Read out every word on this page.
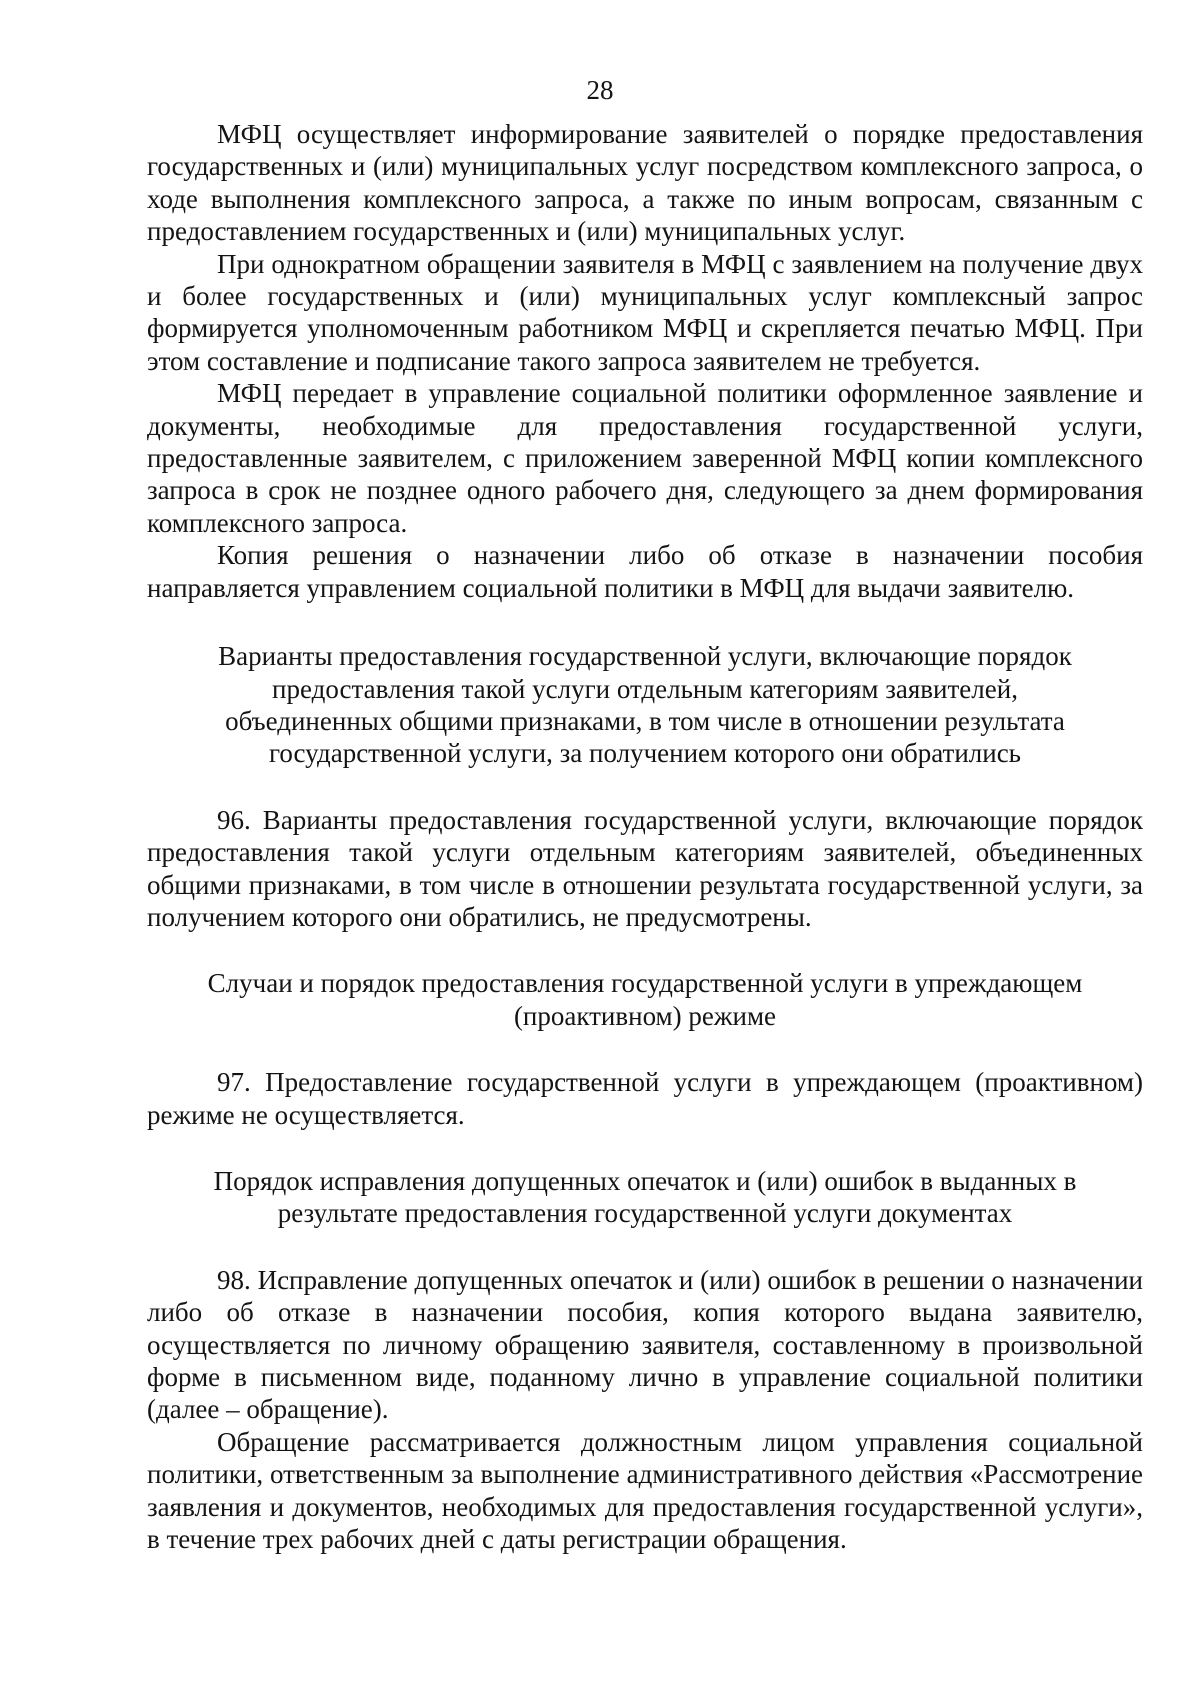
28

МФЦ осуществляет информирование заявителей о порядке предоставления государственных и (или) муниципальных услуг посредством комплексного запроса, о ходе выполнения комплексного запроса, а также по иным вопросам, связанным с предоставлением государственных и (или) муниципальных услуг.

При однократном обращении заявителя в МФЦ с заявлением на получение двух и более государственных и (или) муниципальных услуг комплексный запрос формируется уполномоченным работником МФЦ и скрепляется печатью МФЦ. При этом составление и подписание такого запроса заявителем не требуется.

МФЦ передает в управление социальной политики оформленное заявление и документы, необходимые для предоставления государственной услуги, предоставленные заявителем, с приложением заверенной МФЦ копии комплексного запроса в срок не позднее одного рабочего дня, следующего за днем формирования комплексного запроса.

Копия решения о назначении либо об отказе в назначении пособия направляется управлением социальной политики в МФЦ для выдачи заявителю.

Варианты предоставления государственной услуги, включающие порядок предоставления такой услуги отдельным категориям заявителей, объединенных общими признаками, в том числе в отношении результата государственной услуги, за получением которого они обратились

96. Варианты предоставления государственной услуги, включающие порядок предоставления такой услуги отдельным категориям заявителей, объединенных общими признаками, в том числе в отношении результата государственной услуги, за получением которого они обратились, не предусмотрены.

Случаи и порядок предоставления государственной услуги в упреждающем (проактивном) режиме

97. Предоставление государственной услуги в упреждающем (проактивном) режиме не осуществляется.

Порядок исправления допущенных опечаток и (или) ошибок в выданных в результате предоставления государственной услуги документах

98. Исправление допущенных опечаток и (или) ошибок в решении о назначении либо об отказе в назначении пособия, копия которого выдана заявителю, осуществляется по личному обращению заявителя, составленному в произвольной форме в письменном виде, поданному лично в управление социальной политики (далее – обращение).

Обращение рассматривается должностным лицом управления социальной политики, ответственным за выполнение административного действия «Рассмотрение заявления и документов, необходимых для предоставления государственной услуги», в течение трех рабочих дней с даты регистрации обращения.
